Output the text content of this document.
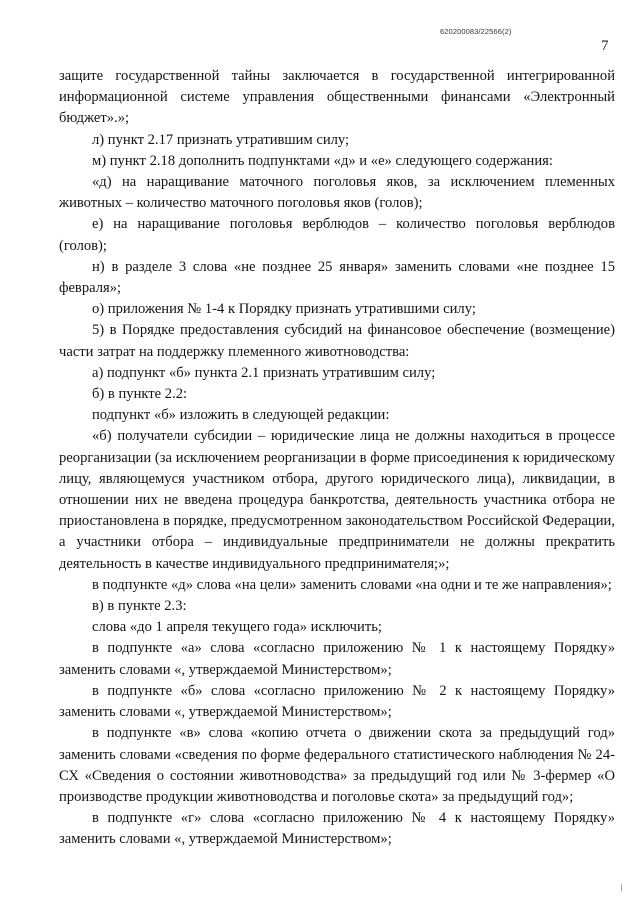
620200083/22566(2)
7

защите государственной тайны заключается в государственной интегрированной информационной системе управления общественными финансами «Электронный бюджет».»;

л) пункт 2.17 признать утратившим силу;

м) пункт 2.18 дополнить подпунктами «д» и «е» следующего содержания:

«д) на наращивание маточного поголовья яков, за исключением племенных животных – количество маточного поголовья яков (голов);

е) на наращивание поголовья верблюдов – количество поголовья верблюдов (голов);

н) в разделе 3 слова «не позднее 25 января» заменить словами «не позднее 15 февраля»;

о) приложения № 1-4 к Порядку признать утратившими силу;

5) в Порядке предоставления субсидий на финансовое обеспечение (возмещение) части затрат на поддержку племенного животноводства:

а) подпункт «б» пункта 2.1 признать утратившим силу;

б) в пункте 2.2:

подпункт «б» изложить в следующей редакции:

«б) получатели субсидии – юридические лица не должны находиться в процессе реорганизации (за исключением реорганизации в форме присоединения к юридическому лицу, являющемуся участником отбора, другого юридического лица), ликвидации, в отношении них не введена процедура банкротства, деятельность участника отбора не приостановлена в порядке, предусмотренном законодательством Российской Федерации, а участники отбора – индивидуальные предприниматели не должны прекратить деятельность в качестве индивидуального предпринимателя;»;

в подпункте «д» слова «на цели» заменить словами «на одни и те же направления»;

в) в пункте 2.3:

слова «до 1 апреля текущего года» исключить;

в подпункте «а» слова «согласно приложению № 1 к настоящему Порядку» заменить словами «, утверждаемой Министерством»;

в подпункте «б» слова «согласно приложению № 2 к настоящему Порядку» заменить словами «, утверждаемой Министерством»;

в подпункте «в» слова «копию отчета о движении скота за предыдущий год» заменить словами «сведения по форме федерального статистического наблюдения № 24-СХ «Сведения о состоянии животноводства» за предыдущий год или № 3-фермер «О производстве продукции животноводства и поголовье скота» за предыдущий год»;

в подпункте «г» слова «согласно приложению № 4 к настоящему Порядку» заменить словами «, утверждаемой Министерством»;

/
